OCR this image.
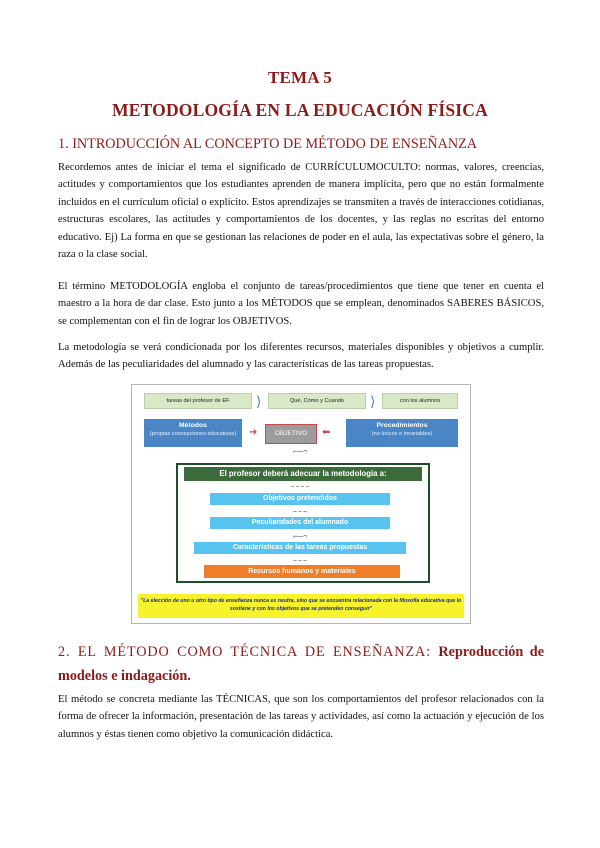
TEMA 5
METODOLOGÍA EN LA EDUCACIÓN FÍSICA
1. INTRODUCCIÓN AL CONCEPTO DE MÉTODO DE ENSEÑANZA
Recordemos antes de iniciar el tema el significado de CURRÍCULUMOCULTO: normas, valores, creencias, actitudes y comportamientos que los estudiantes aprenden de manera implícita, pero que no están formalmente incluidos en el currículum oficial o explícito. Estos aprendizajes se transmiten a través de interacciones cotidianas, estructuras escolares, las actitudes y comportamientos de los docentes, y las reglas no escritas del entorno educativo. Ej) La forma en que se gestionan las relaciones de poder en el aula, las expectativas sobre el género, la raza o la clase social.
El término METODOLOGÍA engloba el conjunto de tareas/procedimientos que tiene que tener en cuenta el maestro a la hora de dar clase. Esto junto a los MÉTODOS que se emplean, denominados SABERES BÁSICOS, se complementan con el fin de lograr los OBJETIVOS.
La metodología se verá condicionada por los diferentes recursos, materiales disponibles y objetivos a cumplir. Además de las peculiaridades del alumnado y las características de las tareas propuestas.
tareas del profesor de EF	⟩	Qué, Cómo y Cuando	⟩	con los alumnos
Métodos
(propias concepciones educativas)	➜	OBJETIVO	⬅
Procedimientos
(no únicos e invariables)
⌐‒‒¬
El profesor deberá adecuar la metodología a:
‒ ‒ ‒ ‒
Objetivos pretendidos
‒ ‒ ‒
Peculiaridades del alumnado
⌐‒‒¬
Características de las tareas propuestas
‒ ‒ ‒
Recursos humanos y materiales
"La elección de uno u otro tipo de enseñanza nunca es neutra, sino que se encuentra relacionada con la filosofía educativa que lo sostiene y con los objetivos que se pretenden conseguir"
2. EL MÉTODO COMO TÉCNICA DE ENSEÑANZA: Reproducción de modelos e indagación.
El método se concreta mediante las TÉCNICAS, que son los comportamientos del profesor relacionados con la forma de ofrecer la información, presentación de las tareas y actividades, así como la actuación y ejecución de los alumnos y éstas tienen como objetivo la comunicación didáctica.
